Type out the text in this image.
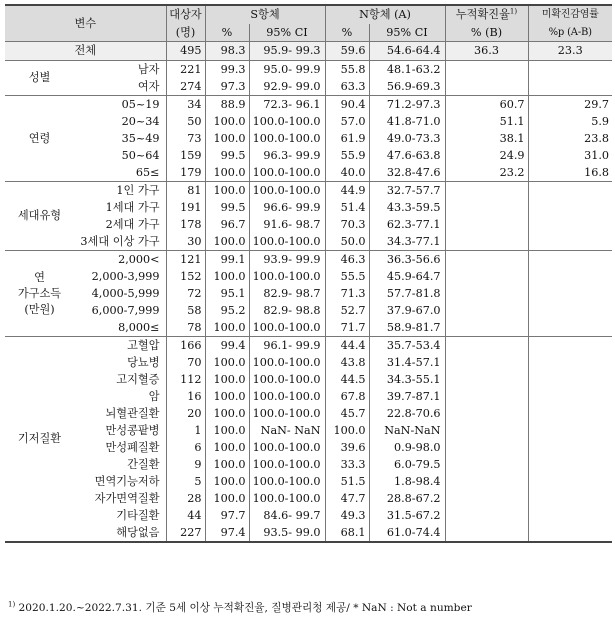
변수		대상자	S항체		N항체 (A)		누적확진율$^{1)}$	미확진감염률
		(명)	%	95% CI	%	95% CI	% (B)	%p (A-B)
전체		495	98.3	95.9- 99.3	59.6	54.6-64.4	36.3	23.3

성별	남자	221	99.3	95.0- 99.9	55.8	48.1-63.2		
	여자	274	97.3	92.9- 99.0	63.3	56.9-69.3		

연령	05~19	34	88.9	72.3- 96.1	90.4	71.2-97.3	60.7	29.7
	20~34	50	100.0	100.0-100.0	57.0	41.8-71.0	51.1	5.9
	35~49	73	100.0	100.0-100.0	61.9	49.0-73.3	38.1	23.8
	50~64	159	99.5	96.3- 99.9	55.9	47.6-63.8	24.9	31.0
	65≤	179	100.0	100.0-100.0	40.0	32.8-47.6	23.2	16.8

세대유형	1인 가구	81	100.0	100.0-100.0	44.9	32.7-57.7		
	1세대 가구	191	99.5	96.6- 99.9	51.4	43.3-59.5		
	2세대 가구	178	96.7	91.6- 98.7	70.3	62.3-77.1		
	3세대 이상 가구	30	100.0	100.0-100.0	50.0	34.3-77.1		

연
가구소득
(만원)	2,000<	121	99.1	93.9- 99.9	46.3	36.3-56.6		
	2,000-3,999	152	100.0	100.0-100.0	55.5	45.9-64.7		
	4,000-5,999	72	95.1	82.9- 98.7	71.3	57.7-81.8		
	6,000-7,999	58	95.2	82.9- 98.8	52.7	37.9-67.0		
	8,000≤	78	100.0	100.0-100.0	71.7	58.9-81.7		

기저질환	고혈압	166	99.4	96.1- 99.9	44.4	35.7-53.4		
	당뇨병	70	100.0	100.0-100.0	43.8	31.4-57.1		
	고지혈증	112	100.0	100.0-100.0	44.5	34.3-55.1		
	암	16	100.0	100.0-100.0	67.8	39.7-87.1		
	뇌혈관질환	20	100.0	100.0-100.0	45.7	22.8-70.6		
	만성콩팥병	1	100.0	NaN- NaN	100.0	NaN-NaN		
	만성폐질환	6	100.0	100.0-100.0	39.6	0.9-98.0		
	간질환	9	100.0	100.0-100.0	33.3	6.0-79.5		
	면역기능저하	5	100.0	100.0-100.0	51.5	1.8-98.4		
	자가면역질환	28	100.0	100.0-100.0	47.7	28.8-67.2		
	기타질환	44	97.7	84.6- 99.7	49.3	31.5-67.2		
	해당없음	227	97.4	93.5- 99.0	68.1	61.0-74.4		
$^{1)}$ 2020.1.20.~2022.7.31. 기준 5세 이상 누적확진율, 질병관리청 제공/ * NaN : Not a number
